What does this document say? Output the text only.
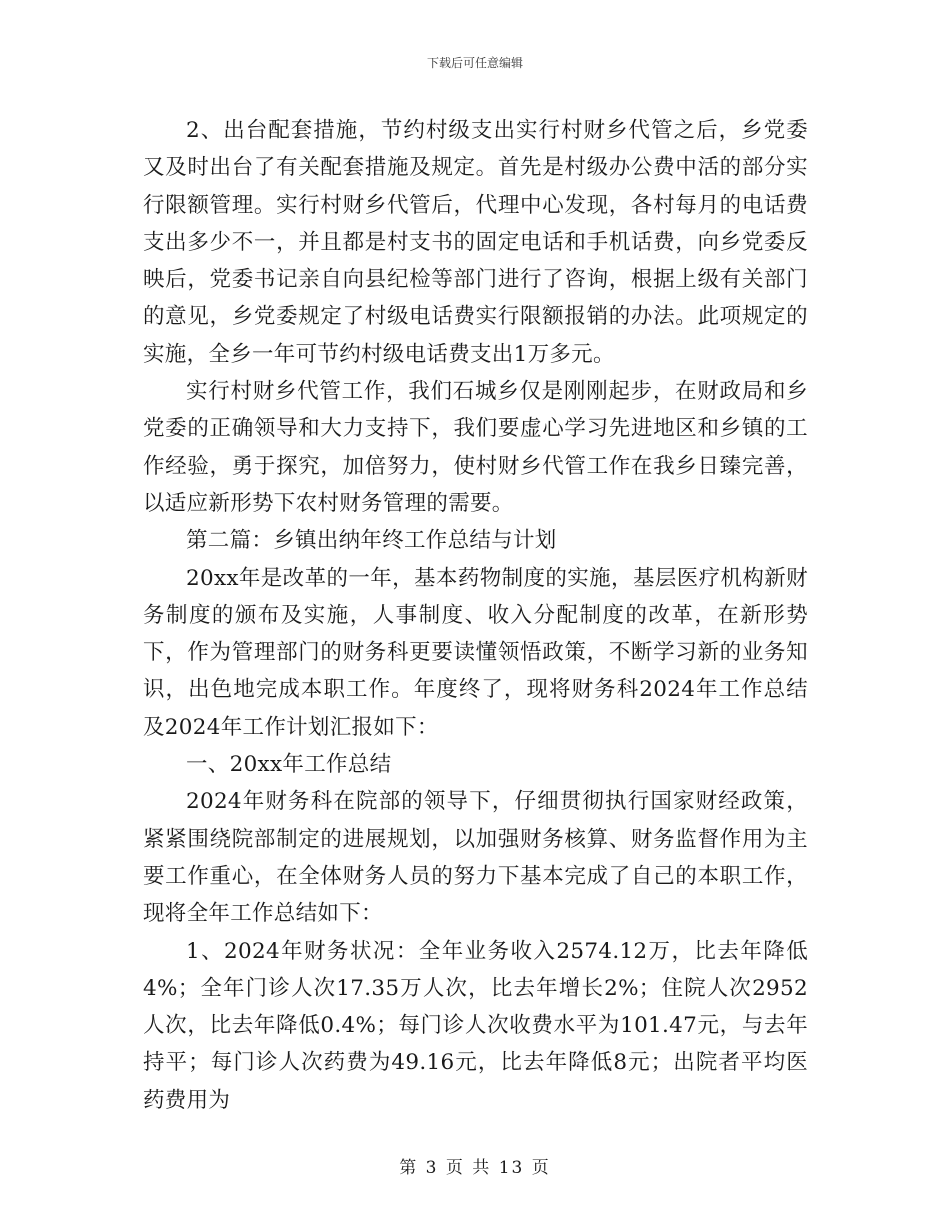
下载后可任意编辑

2、出台配套措施，节约村级支出实行村财乡代管之后，乡党委又及时出台了有关配套措施及规定。首先是村级办公费中活的部分实行限额管理。实行村财乡代管后，代理中心发现，各村每月的电话费支出多少不一，并且都是村支书的固定电话和手机话费，向乡党委反映后，党委书记亲自向县纪检等部门进行了咨询，根据上级有关部门的意见，乡党委规定了村级电话费实行限额报销的办法。此项规定的实施，全乡一年可节约村级电话费支出1万多元。

实行村财乡代管工作，我们石城乡仅是刚刚起步，在财政局和乡党委的正确领导和大力支持下，我们要虚心学习先进地区和乡镇的工作经验，勇于探究，加倍努力，使村财乡代管工作在我乡日臻完善，以适应新形势下农村财务管理的需要。

第二篇：乡镇出纳年终工作总结与计划

20xx年是改革的一年，基本药物制度的实施，基层医疗机构新财务制度的颁布及实施，人事制度、收入分配制度的改革，在新形势下，作为管理部门的财务科更要读懂领悟政策，不断学习新的业务知识，出色地完成本职工作。年度终了，现将财务科2024年工作总结及2024年工作计划汇报如下：

一、20xx年工作总结

2024年财务科在院部的领导下，仔细贯彻执行国家财经政策，紧紧围绕院部制定的进展规划，以加强财务核算、财务监督作用为主要工作重心，在全体财务人员的努力下基本完成了自己的本职工作，现将全年工作总结如下：

1、2024年财务状况：全年业务收入2574.12万，比去年降低4%；全年门诊人次17.35万人次，比去年增长2%；住院人次2952人次，比去年降低0.4%；每门诊人次收费水平为101.47元，与去年持平；每门诊人次药费为49.16元，比去年降低8元；出院者平均医药费用为

第 3 页 共 13 页
